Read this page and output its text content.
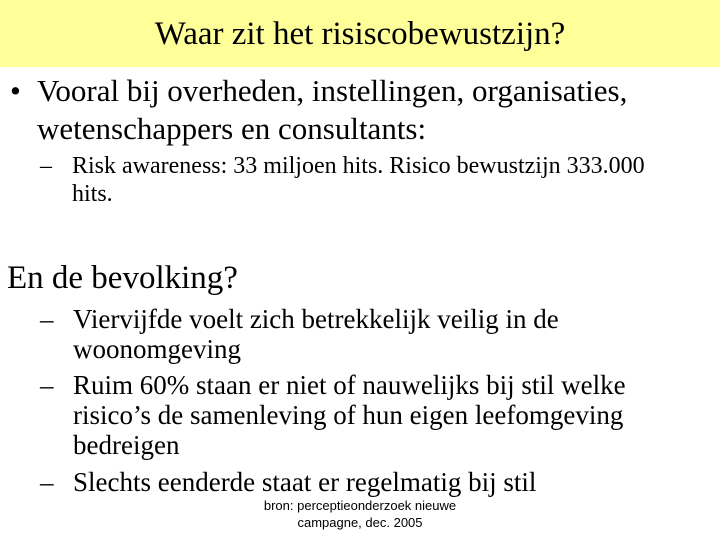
Waar zit het risiscobewustzijn?
• Vooral bij overheden, instellingen, organisaties,
wetenschappers en consultants:
– Risk awareness: 33 miljoen hits. Risico bewustzijn 333.000
hits.
En de bevolking?
– Viervijfde voelt zich betrekkelijk veilig in de
woonomgeving
– Ruim 60% staan er niet of nauwelijks bij stil welke
risico’s de samenleving of hun eigen leefomgeving
bedreigen
– Slechts eenderde staat er regelmatig bij stil
bron: perceptieonderzoek nieuwe
campagne, dec. 2005
